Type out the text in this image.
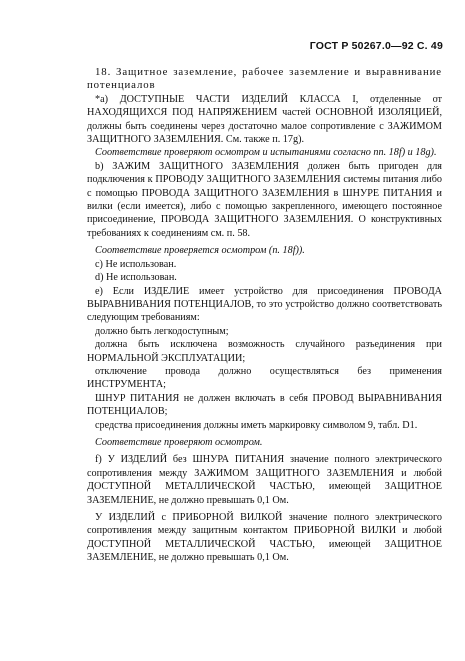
ГОСТ Р 50267.0—92 С. 49

18. Защитное заземление, рабочее заземление и выравнивание потенциалов

*а) ДОСТУПНЫЕ ЧАСТИ ИЗДЕЛИЙ КЛАССА I, отделенные от НАХОДЯЩИХСЯ ПОД НАПРЯЖЕНИЕМ частей ОСНОВНОЙ ИЗОЛЯЦИЕЙ, должны быть соединены через достаточно малое сопротивление с ЗАЖИМОМ ЗАЩИТНОГО ЗАЗЕМЛЕНИЯ. См. также п. 17g).

Соответствие проверяют осмотром и испытаниями согласно пп. 18f) и 18g).

b) ЗАЖИМ ЗАЩИТНОГО ЗАЗЕМЛЕНИЯ должен быть пригоден для подключения к ПРОВОДУ ЗАЩИТНОГО ЗАЗЕМЛЕНИЯ системы питания либо с помощью ПРОВОДА ЗАЩИТНОГО ЗАЗЕМЛЕНИЯ в ШНУРЕ ПИТАНИЯ и вилки (если имеется), либо с помощью закрепленного, имеющего постоянное присоединение, ПРОВОДА ЗАЩИТНОГО ЗАЗЕМЛЕНИЯ. О конструктивных требованиях к соединениям см. п. 58.

Соответствие проверяется осмотром (п. 18f)).

c) Не использован.

d) Не использован.

e) Если ИЗДЕЛИЕ имеет устройство для присоединения ПРОВОДА ВЫРАВНИВАНИЯ ПОТЕНЦИАЛОВ, то это устройство должно соответствовать следующим требованиям:

должно быть легкодоступным;

должна быть исключена возможность случайного разъединения при НОРМАЛЬНОЙ ЭКСПЛУАТАЦИИ;

отключение провода должно осуществляться без применения ИНСТРУМЕНТА;

ШНУР ПИТАНИЯ не должен включать в себя ПРОВОД ВЫРАВНИВАНИЯ ПОТЕНЦИАЛОВ;

средства присоединения должны иметь маркировку символом 9, табл. D1.

Соответствие проверяют осмотром.

f) У ИЗДЕЛИЙ без ШНУРА ПИТАНИЯ значение полного электрического сопротивления между ЗАЖИМОМ ЗАЩИТНОГО ЗАЗЕМЛЕНИЯ и любой ДОСТУПНОЙ МЕТАЛЛИЧЕСКОЙ ЧАСТЬЮ, имеющей ЗАЩИТНОЕ ЗАЗЕМЛЕНИЕ, не должно превышать 0,1 Ом.

У ИЗДЕЛИЙ с ПРИБОРНОЙ ВИЛКОЙ значение полного электрического сопротивления между защитным контактом ПРИБОРНОЙ ВИЛКИ и любой ДОСТУПНОЙ МЕТАЛЛИЧЕСКОЙ ЧАСТЬЮ, имеющей ЗАЩИТНОЕ ЗАЗЕМЛЕНИЕ, не должно превышать 0,1 Ом.
